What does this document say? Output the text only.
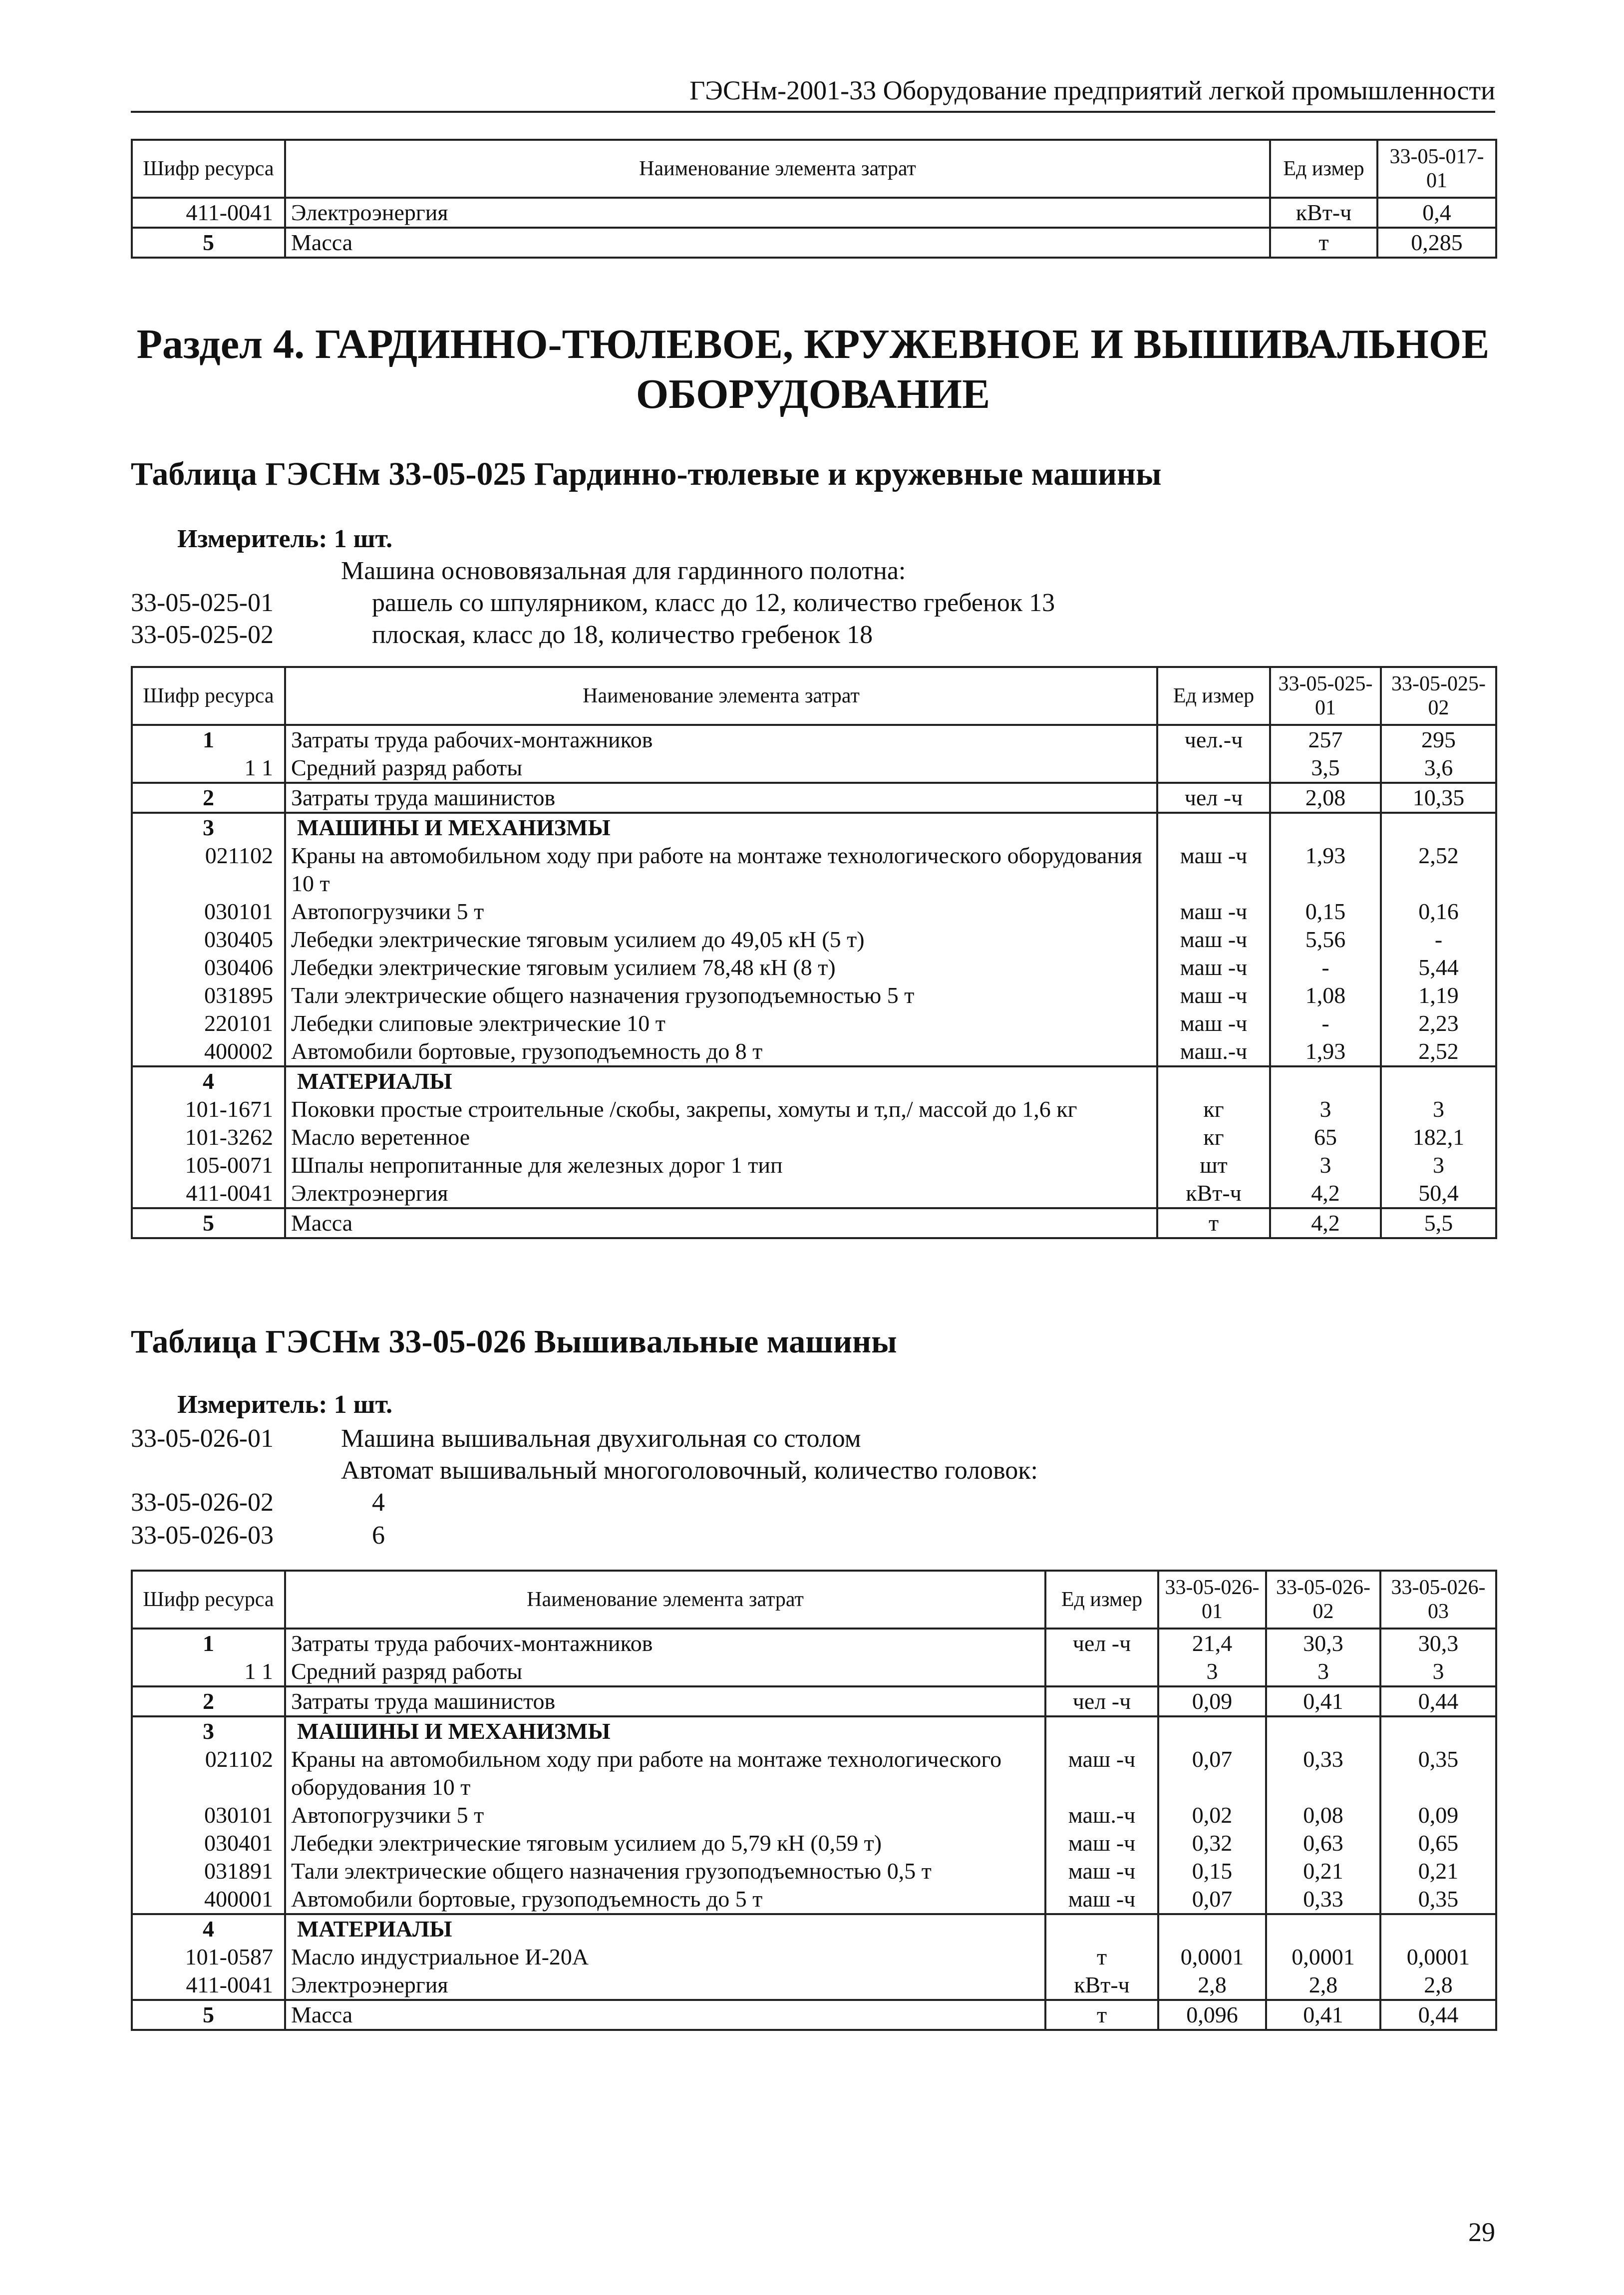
ГЭСНм-2001-33 Оборудование предприятий легкой промышленности
Шифр ресурса	Наименование элемента затрат	Ед измер	33-05-017-01
411-0041	Электроэнергия	кВт-ч	0,4
5	Масса	т	0,285
Раздел 4. ГАРДИННО-ТЮЛЕВОЕ, КРУЖЕВНОЕ И ВЫШИВАЛЬНОЕ
ОБОРУДОВАНИЕ
Таблица ГЭСНм 33-05-025 Гардинно-тюлевые и кружевные машины
Измеритель: 1 шт.
Машина основовязальная для гардинного полотна:
33-05-025-01	рашель со шпулярником, класс до 12, количество гребенок 13
33-05-025-02	плоская, класс до 18, количество гребенок 18
Шифр ресурса	Наименование элемента затрат	Ед измер	33-05-025-01	33-05-025-02
1	Затраты труда рабочих-монтажников	чел.-ч	257	295
1 1	Средний разряд работы		3,5	3,6
2	Затраты труда машинистов	чел -ч	2,08	10,35
3	МАШИНЫ И МЕХАНИЗМЫ			
021102	Краны на автомобильном ходу при работе на монтаже технологического оборудования 10 т	маш -ч	1,93	2,52
030101	Автопогрузчики 5 т	маш -ч	0,15	0,16
030405	Лебедки электрические тяговым усилием до 49,05 кН (5 т)	маш -ч	5,56	-
030406	Лебедки электрические тяговым усилием 78,48 кН (8 т)	маш -ч	-	5,44
031895	Тали электрические общего назначения грузоподъемностью 5 т	маш -ч	1,08	1,19
220101	Лебедки слиповые электрические 10 т	маш -ч	-	2,23
400002	Автомобили бортовые, грузоподъемность до 8 т	маш.-ч	1,93	2,52
4	МАТЕРИАЛЫ			
101-1671	Поковки простые строительные /скобы, закрепы, хомуты и т,п,/ массой до 1,6 кг	кг	3	3
101-3262	Масло веретенное	кг	65	182,1
105-0071	Шпалы непропитанные для железных дорог 1 тип	шт	3	3
411-0041	Электроэнергия	кВт-ч	4,2	50,4
5	Масса	т	4,2	5,5
Таблица ГЭСНм 33-05-026 Вышивальные машины
Измеритель: 1 шт.
33-05-026-01	Машина вышивальная двухигольная со столом
Автомат вышивальный многоголовочный, количество головок:
33-05-026-02	4
33-05-026-03	6
Шифр ресурса	Наименование элемента затрат	Ед измер	33-05-026-01	33-05-026-02	33-05-026-03
1	Затраты труда рабочих-монтажников	чел -ч	21,4	30,3	30,3
1 1	Средний разряд работы		3	3	3
2	Затраты труда машинистов	чел -ч	0,09	0,41	0,44
3	МАШИНЫ И МЕХАНИЗМЫ				
021102	Краны на автомобильном ходу при работе на монтаже технологического оборудования 10 т	маш -ч	0,07	0,33	0,35
030101	Автопогрузчики 5 т	маш.-ч	0,02	0,08	0,09
030401	Лебедки электрические тяговым усилием до 5,79 кН (0,59 т)	маш -ч	0,32	0,63	0,65
031891	Тали электрические общего назначения грузоподъемностью 0,5 т	маш -ч	0,15	0,21	0,21
400001	Автомобили бортовые, грузоподъемность до 5 т	маш -ч	0,07	0,33	0,35
4	МАТЕРИАЛЫ				
101-0587	Масло индустриальное И-20А	т	0,0001	0,0001	0,0001
411-0041	Электроэнергия	кВт-ч	2,8	2,8	2,8
5	Масса	т	0,096	0,41	0,44
29
